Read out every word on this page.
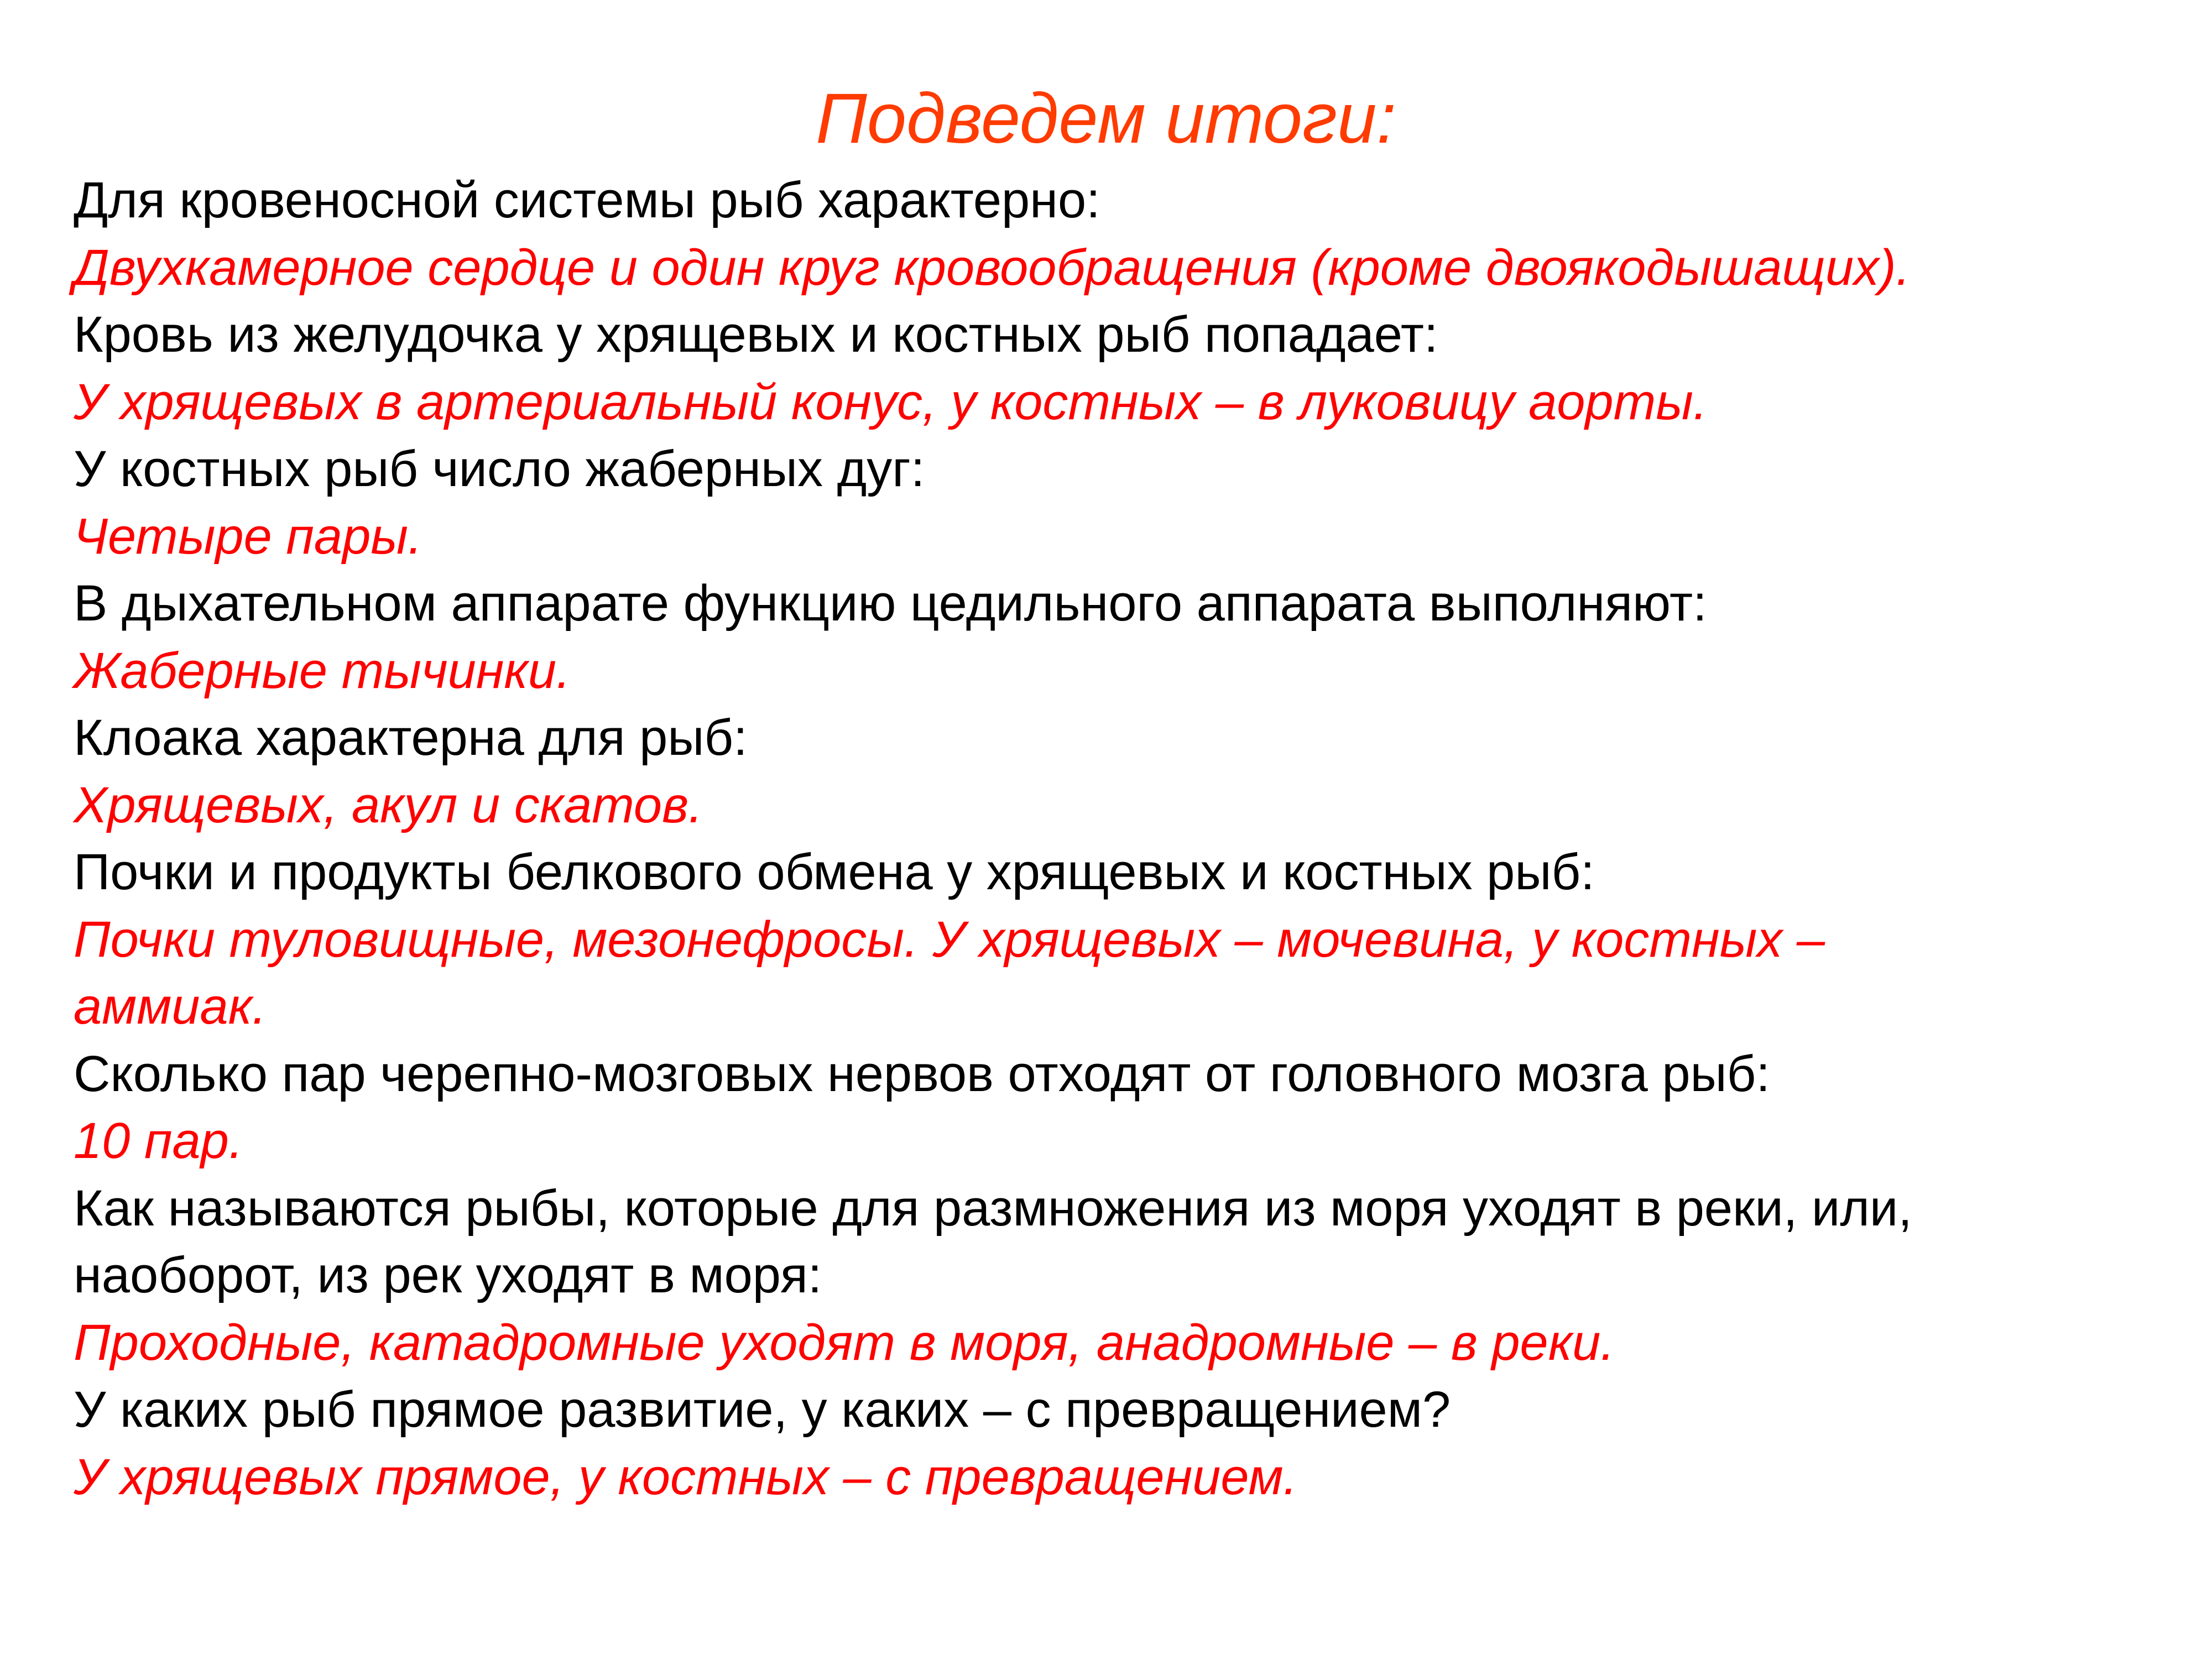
Подведем итоги:

Для кровеносной системы рыб характерно:

Двухкамерное сердце и один круг кровообращения (кроме двоякодышащих).

Кровь из желудочка у хрящевых и костных рыб попадает:

У хрящевых в артериальный конус, у костных – в луковицу аорты.

У костных рыб число жаберных дуг:

Четыре пары.

В дыхательном аппарате функцию цедильного аппарата выполняют:

Жаберные тычинки.

Клоака характерна для рыб:

Хрящевых, акул и скатов.

Почки и продукты белкового обмена у хрящевых и костных рыб:

Почки туловищные, мезонефросы. У хрящевых – мочевина, у костных –

аммиак.

Сколько пар черепно-мозговых нервов отходят от головного мозга рыб:

10 пар.

Как называются рыбы, которые для размножения из моря уходят в реки, или,

наоборот, из рек уходят в моря:

Проходные, катадромные уходят в моря, анадромные – в реки.

У каких рыб прямое развитие, у каких – с превращением?

У хрящевых прямое, у костных – с превращением.
